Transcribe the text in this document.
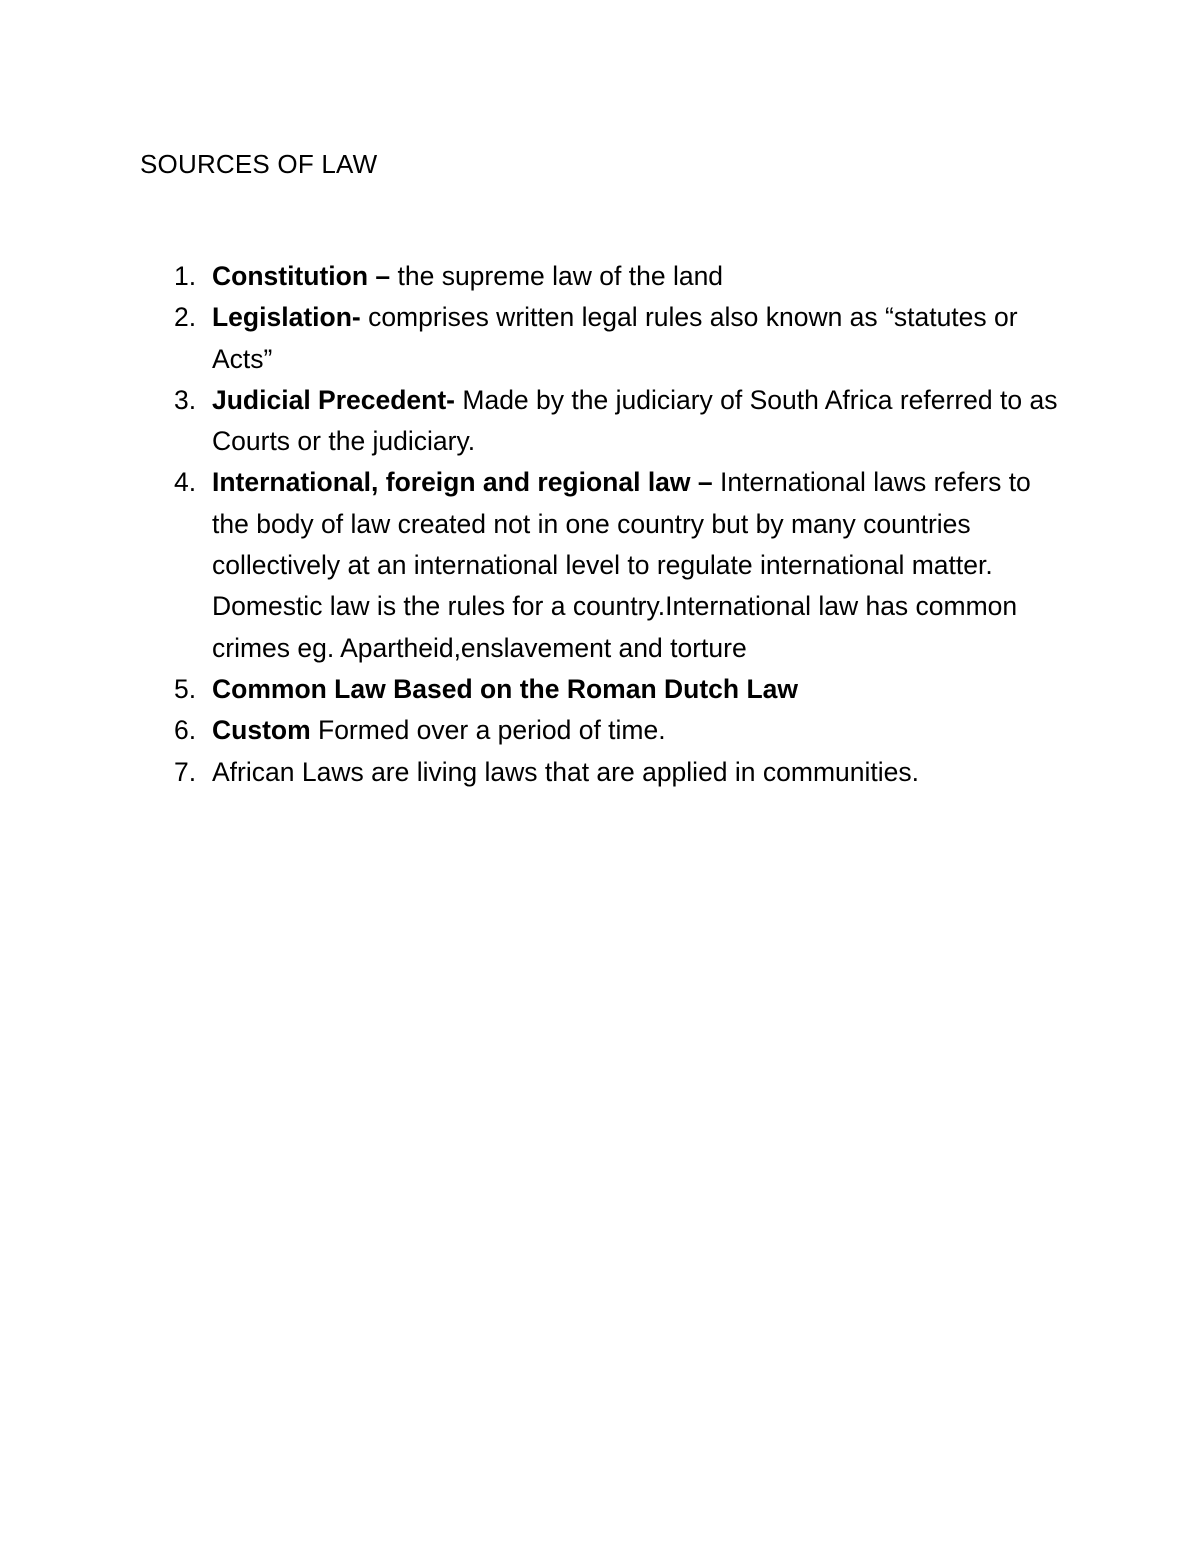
SOURCES OF LAW
1. Constitution – the supreme law of the land
2. Legislation- comprises written legal rules also known as “statutes or Acts”
3. Judicial Precedent- Made by the judiciary of South Africa referred to as Courts or the judiciary.
4. International, foreign and regional law – International laws refers to the body of law created not in one country but by many countries collectively at an international level to regulate international matter. Domestic law is the rules for a country.International law has common crimes eg. Apartheid,enslavement and torture
5. Common Law Based on the Roman Dutch Law
6. Custom Formed over a period of time.
7. African Laws are living laws that are applied in communities.
